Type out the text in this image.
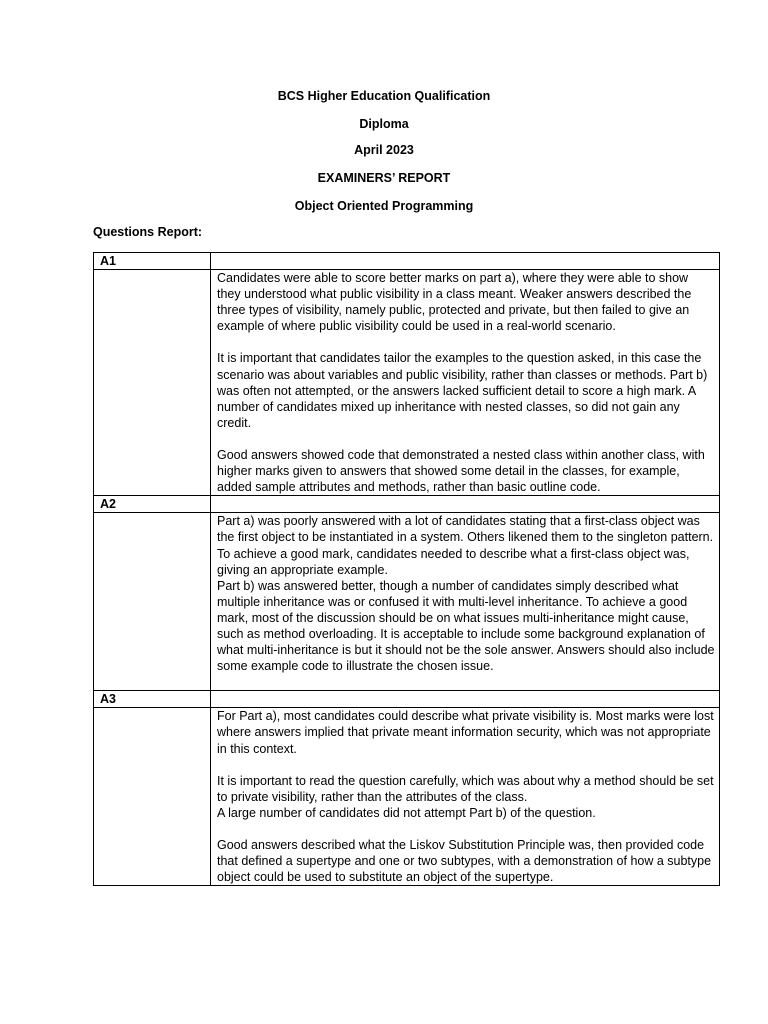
BCS Higher Education Qualification
Diploma
April 2023
EXAMINERS’ REPORT
Object Oriented Programming
Questions Report:
A1	

	Candidates were able to score better marks on part a), where they were able to show they understood what public visibility in a class meant. Weaker answers described the three types of visibility, namely public, protected and private, but then failed to give an example of where public visibility could be used in a real-world scenario.

It is important that candidates tailor the examples to the question asked, in this case the scenario was about variables and public visibility, rather than classes or methods. Part b) was often not attempted, or the answers lacked sufficient detail to score a high mark. A number of candidates mixed up inheritance with nested classes, so did not gain any credit.

Good answers showed code that demonstrated a nested class within another class, with higher marks given to answers that showed some detail in the classes, for example, added sample attributes and methods, rather than basic outline code.

A2	

	Part a) was poorly answered with a lot of candidates stating that a first-class object was the first object to be instantiated in a system. Others likened them to the singleton pattern. To achieve a good mark, candidates needed to describe what a first-class object was, giving an appropriate example.

Part b) was answered better, though a number of candidates simply described what multiple inheritance was or confused it with multi-level inheritance. To achieve a good mark, most of the discussion should be on what issues multi-inheritance might cause, such as method overloading. It is acceptable to include some background explanation of what multi-inheritance is but it should not be the sole answer. Answers should also include some example code to illustrate the chosen issue.

A3	

	For Part a), most candidates could describe what private visibility is. Most marks were lost where answers implied that private meant information security, which was not appropriate in this context.

It is important to read the question carefully, which was about why a method should be set to private visibility, rather than the attributes of the class.

A large number of candidates did not attempt Part b) of the question.

Good answers described what the Liskov Substitution Principle was, then provided code that defined a supertype and one or two subtypes, with a demonstration of how a subtype object could be used to substitute an object of the supertype.
